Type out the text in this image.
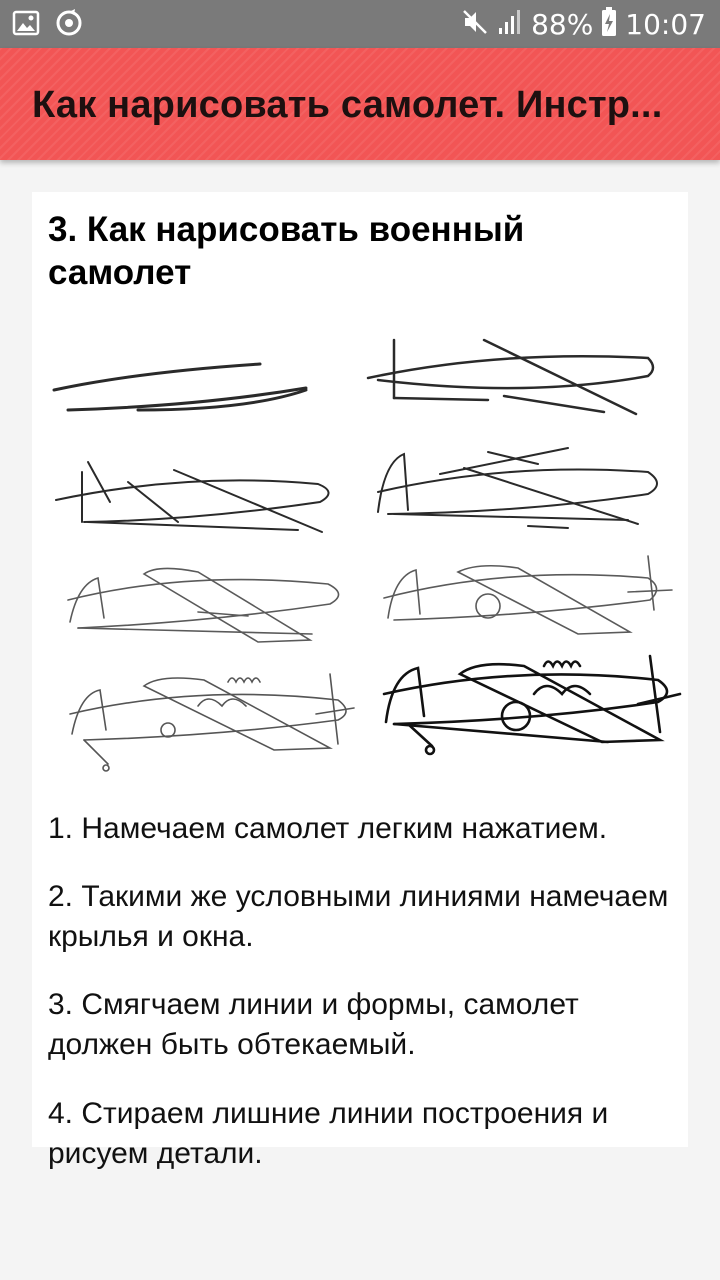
88% 10:07
Как нарисовать самолет. Инстр...
3. Как нарисовать военный самолет
1. Намечаем самолет легким нажатием.
2. Такими же условными линиями намечаем крылья и окна.
3. Смягчаем линии и формы, самолет должен быть обтекаемый.
4. Стираем лишние линии построения и рисуем детали.
